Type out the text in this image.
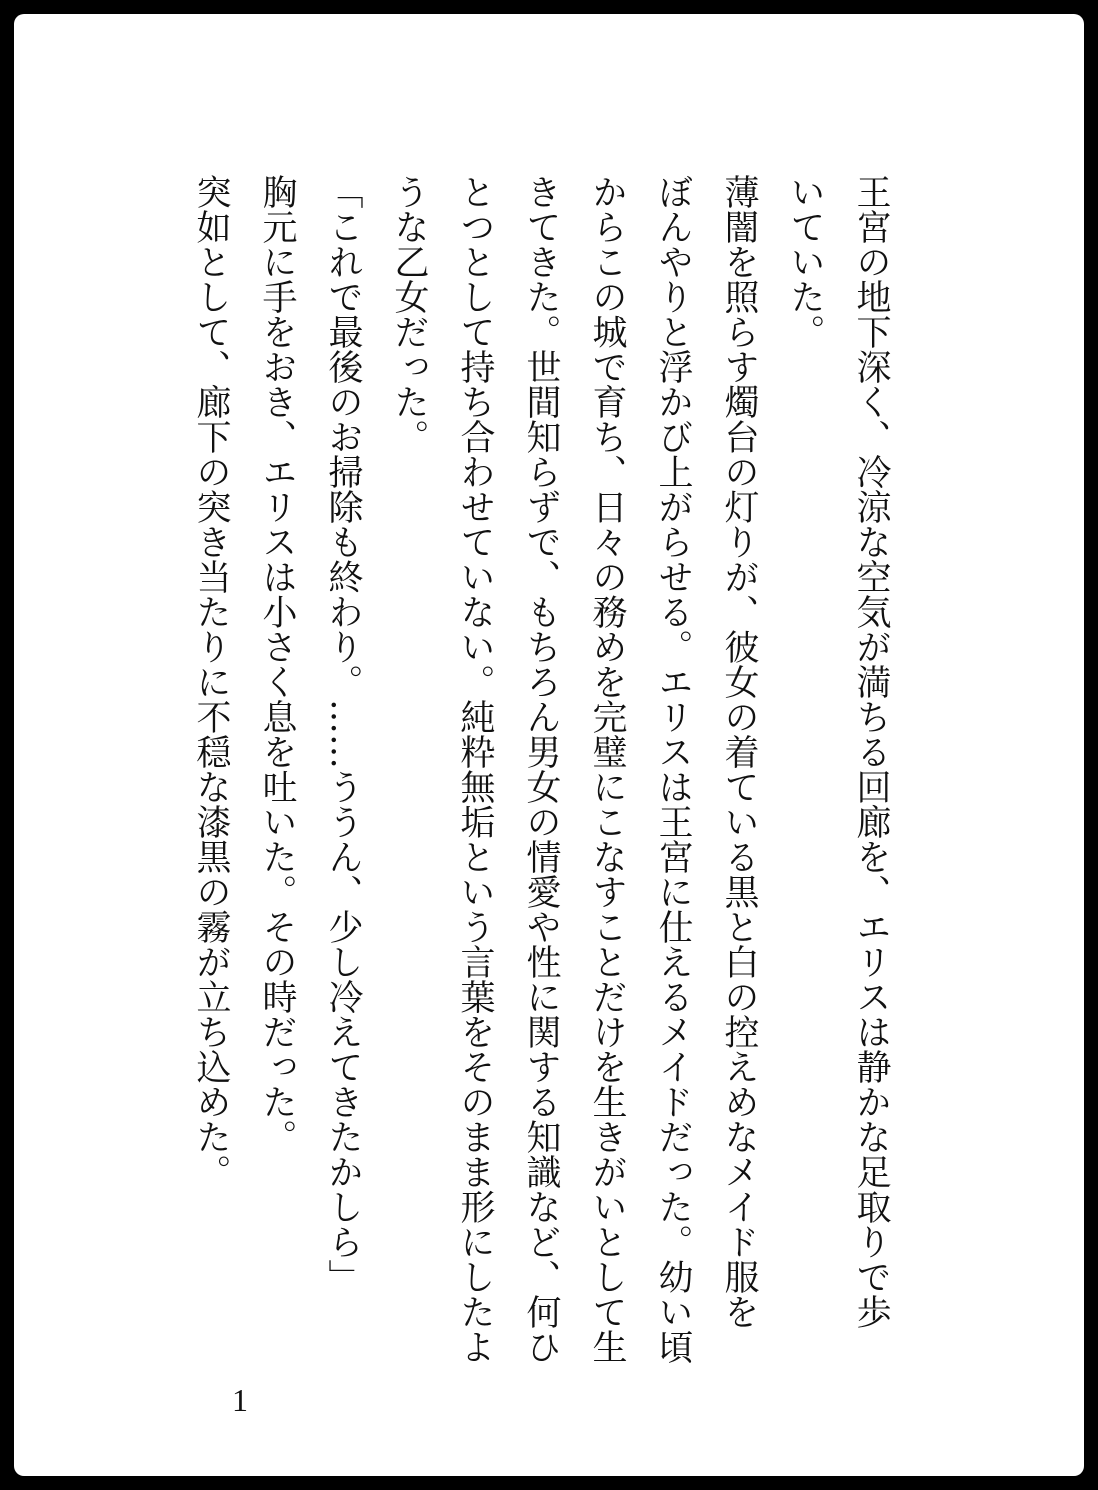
王宮の地下深く、冷涼な空気が満ちる回廊を、エリスは静かな足取りで歩
いていた。
薄闇を照らす燭台の灯りが、彼女の着ている黒と白の控えめなメイド服を
ぼんやりと浮かび上がらせる。エリスは王宮に仕えるメイドだった。幼い頃
からこの城で育ち、日々の務めを完璧にこなすことだけを生きがいとして生
きてきた。世間知らずで、もちろん男女の情愛や性に関する知識など、何ひ
とつとして持ち合わせていない。純粋無垢という言葉をそのまま形にしたよ
うな乙女だった。
「これで最後のお掃除も終わり。……ううん、少し冷えてきたかしら」
胸元に手をおき、エリスは小さく息を吐いた。その時だった。
突如として、廊下の突き当たりに不穏な漆黒の霧が立ち込めた。
1
